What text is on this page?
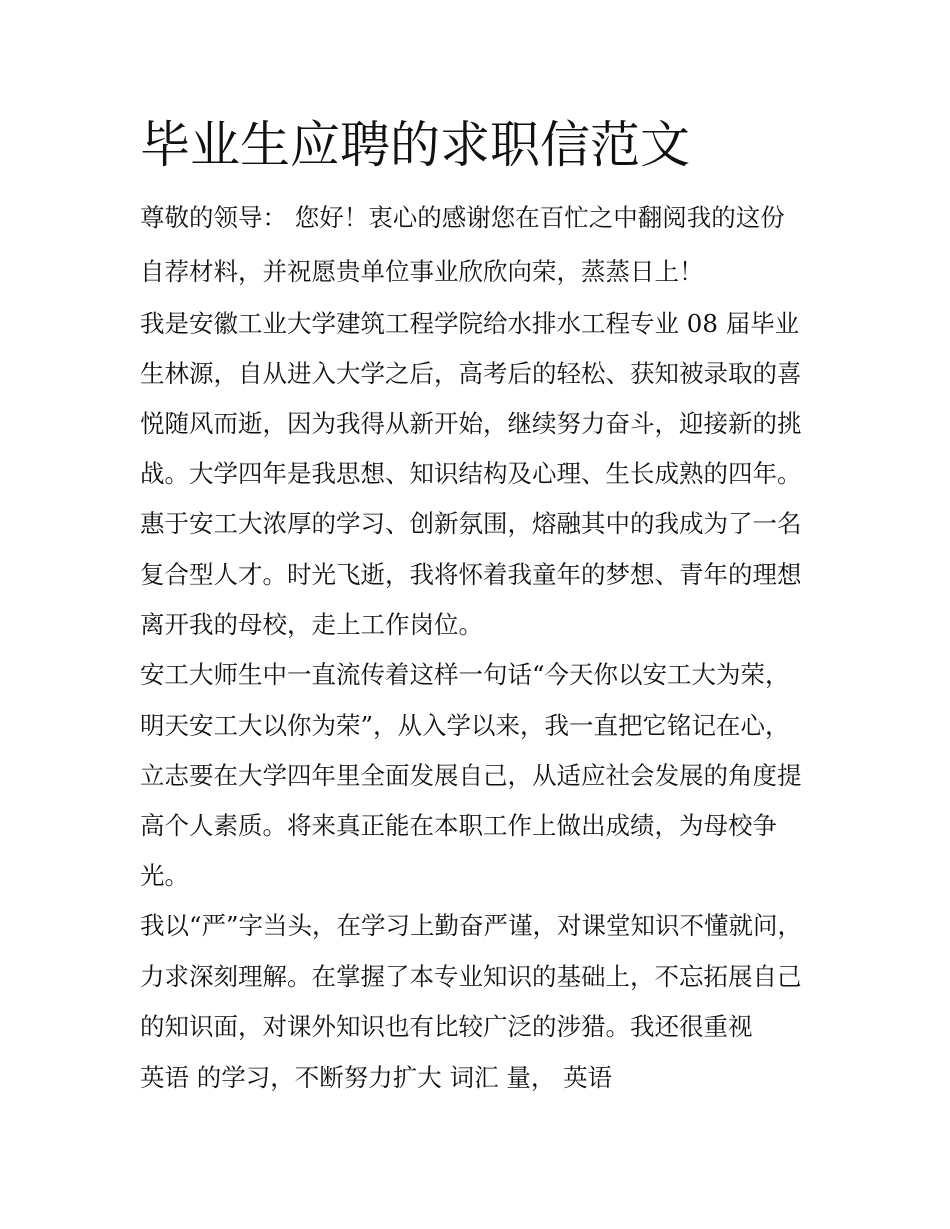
毕业生应聘的求职信范文

尊敬的领导： 您好！衷心的感谢您在百忙之中翻阅我的这份

自荐材料，并祝愿贵单位事业欣欣向荣，蒸蒸日上！

我是安徽工业大学建筑工程学院给水排水工程专业 08 届毕业

生林源，自从进入大学之后，高考后的轻松、获知被录取的喜

悦随风而逝，因为我得从新开始，继续努力奋斗，迎接新的挑

战。大学四年是我思想、知识结构及心理、生长成熟的四年。

惠于安工大浓厚的学习、创新氛围，熔融其中的我成为了一名

复合型人才。时光飞逝，我将怀着我童年的梦想、青年的理想

离开我的母校，走上工作岗位。

安工大师生中一直流传着这样一句话“今天你以安工大为荣，

明天安工大以你为荣”，从入学以来，我一直把它铭记在心，

立志要在大学四年里全面发展自己，从适应社会发展的角度提

高个人素质。将来真正能在本职工作上做出成绩，为母校争

光。

我以“严”字当头，在学习上勤奋严谨，对课堂知识不懂就问，

力求深刻理解。在掌握了本专业知识的基础上，不忘拓展自己

的知识面，对课外知识也有比较广泛的涉猎。我还很重视

英语 的学习，不断努力扩大 词汇 量， 英语
